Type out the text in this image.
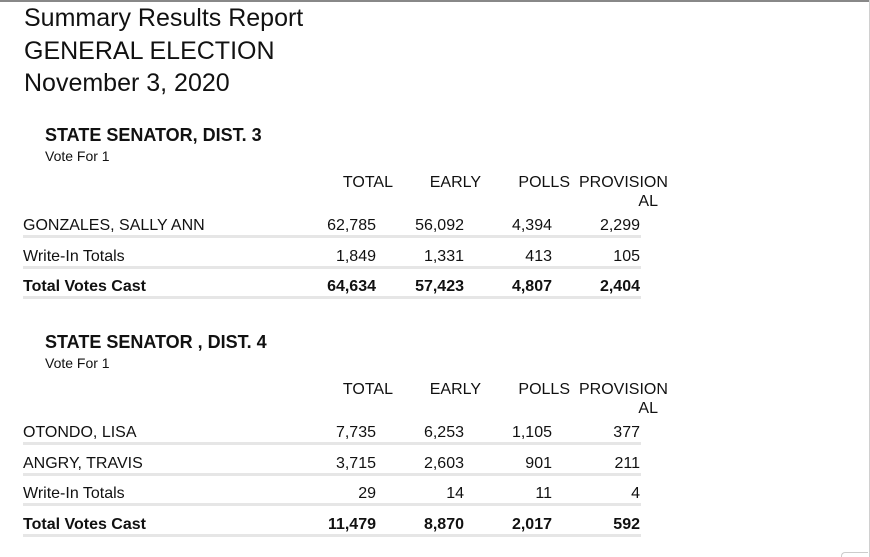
Summary Results Report
GENERAL ELECTION
November 3, 2020
STATE SENATOR, DIST. 3
Vote For 1
TOTAL	EARLY	POLLS PROVISION
AL
GONZALES, SALLY ANN	62,785	56,092	4,394	2,299
Write-In Totals	1,849	1,331	413	105
Total Votes Cast	64,634	57,423	4,807	2,404
STATE SENATOR , DIST. 4
Vote For 1
TOTAL	EARLY	POLLS PROVISION
AL
OTONDO, LISA	7,735	6,253	1,105	377
ANGRY, TRAVIS	3,715	2,603	901	211
Write-In Totals	29	14	11	4
Total Votes Cast	11,479	8,870	2,017	592
